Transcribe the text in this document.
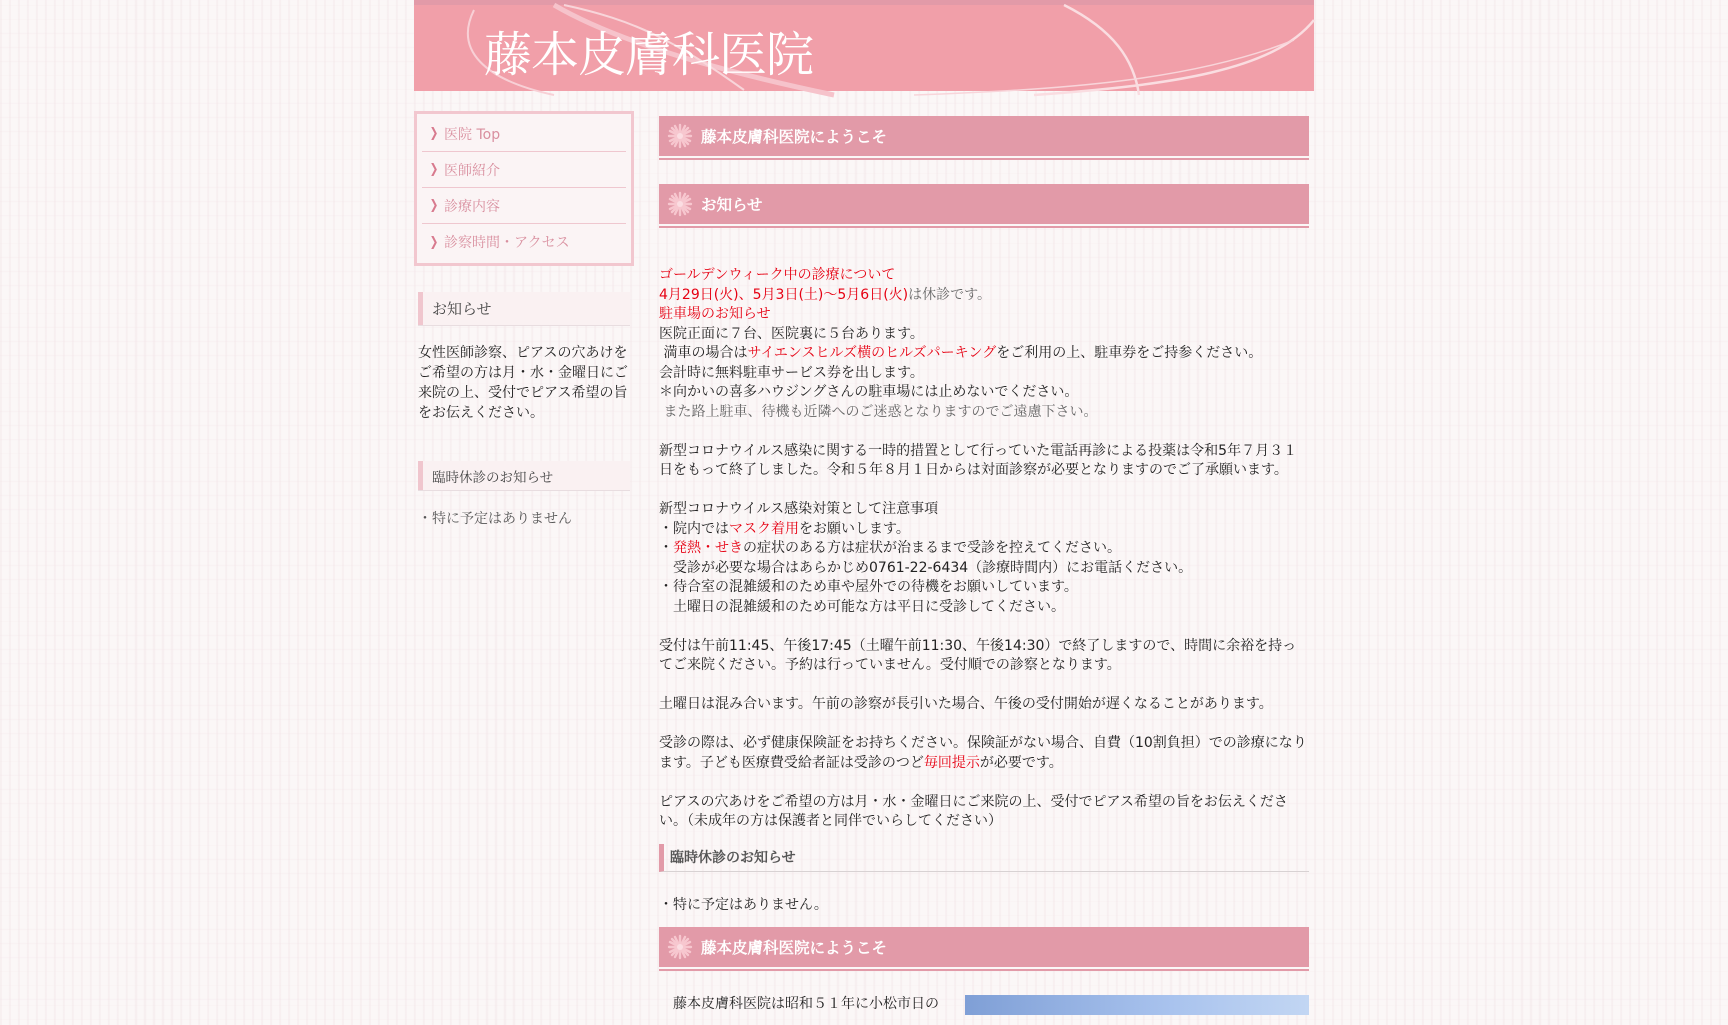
藤本皮膚科医院
❯ 医院 Top
❯ 医師紹介
❯ 診療内容
❯ 診察時間・アクセス
お知らせ
女性医師診察、ピアスの穴あけをご希望の方は月・水・金曜日にご来院の上、受付でピアス希望の旨をお伝えください。
臨時休診のお知らせ
・特に予定はありません
藤本皮膚科医院にようこそ
お知らせ
ゴールデンウィーク中の診療について
4月29日(火)、5月3日(土)〜5月6日(火)は休診です。
駐車場のお知らせ
医院正面に７台、医院裏に５台あります。
満車の場合はサイエンスヒルズ横のヒルズパーキングをご利用の上、駐車券をご持参ください。
会計時に無料駐車サービス券を出します。
＊向かいの喜多ハウジングさんの駐車場には止めないでください。
また路上駐車、待機も近隣へのご迷惑となりますのでご遠慮下さい。
新型コロナウイルス感染に関する一時的措置として行っていた電話再診による投薬は令和5年７月３１日をもって終了しました。令和５年８月１日からは対面診察が必要となりますのでご了承願います。
新型コロナウイルス感染対策として注意事項
・院内ではマスク着用をお願いします。
・発熱・せきの症状のある方は症状が治まるまで受診を控えてください。
　受診が必要な場合はあらかじめ0761-22-6434（診療時間内）にお電話ください。
・待合室の混雑緩和のため車や屋外での待機をお願いしています。
　土曜日の混雑緩和のため可能な方は平日に受診してください。
受付は午前11:45、午後17:45（土曜午前11:30、午後14:30）で終了しますので、時間に余裕を持ってご来院ください。予約は行っていません。受付順での診察となります。
土曜日は混み合います。午前の診察が長引いた場合、午後の受付開始が遅くなることがあります。
受診の際は、必ず健康保険証をお持ちください。保険証がない場合、自費（10割負担）での診療になります。子ども医療費受給者証は受診のつど毎回提示が必要です。
ピアスの穴あけをご希望の方は月・水・金曜日にご来院の上、受付でピアス希望の旨をお伝えください。（未成年の方は保護者と同伴でいらしてください）
臨時休診のお知らせ
・特に予定はありません。
藤本皮膚科医院にようこそ
藤本皮膚科医院は昭和５１年に小松市日の
